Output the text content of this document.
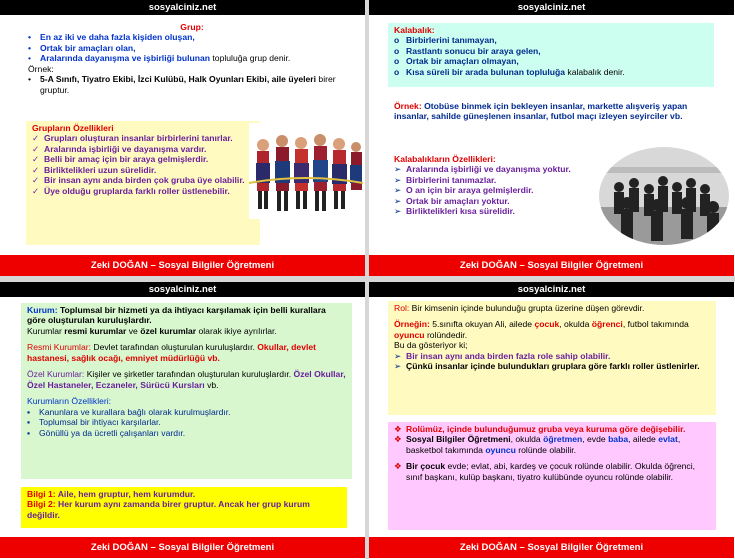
sosyalciniz.net

Grup:

•	En az iki ve daha fazla kişiden oluşan,
•	Ortak bir amaçları olan,
•	Aralarında dayanışma ve işbirliği bulunan topluluğa grup denir.

Örnek:

•	5-A Sınıfı, Tiyatro Ekibi, İzci Kulübü, Halk Oyunları Ekibi, aile üyeleri birer gruptur.

Grupların Özellikleri

✓ Grupları oluşturan insanlar birbirlerini tanırlar.
✓ Aralarında işbirliği ve dayanışma vardır.
✓ Belli bir amaç için bir araya gelmişlerdir.
✓ Birliktelikleri uzun sürelidir.
✓ Bir insan aynı anda birden çok gruba üye olabilir.
✓ Üye olduğu gruplarda farklı roller üstlenebilir.
Zeki DOĞAN – Sosyal Bilgiler Öğretmeni
sosyalciniz.net

Kalabalık:

o Birbirlerini tanımayan,
o Rastlantı sonucu bir araya gelen,
o Ortak bir amaçları olmayan,
o Kısa süreli bir arada bulunan topluluğa kalabalık denir.

Örnek: Otobüse binmek için bekleyen insanlar, markette alışveriş yapan insanlar, sahilde güneşlenen insanlar, futbol maçı izleyen seyirciler vb.

Kalabalıkların Özellikleri:

➢ Aralarında işbirliği ve dayanışma yoktur.
➢ Birbirlerini tanımazlar.
➢ O an için bir araya gelmişlerdir.
➢ Ortak bir amaçları yoktur.
➢ Birliktelikleri kısa sürelidir.
Zeki DOĞAN – Sosyal Bilgiler Öğretmeni
sosyalciniz.net

Kurum: Toplumsal bir hizmeti ya da ihtiyacı karşılamak için belli kurallara göre oluşturulan kuruluşlardır.

Kurumlar resmi kurumlar ve özel kurumlar olarak ikiye ayrılırlar.

Resmi Kurumlar: Devlet tarafından oluşturulan kuruluşlardır. Okullar, devlet hastanesi, sağlık ocağı, emniyet müdürlüğü vb.

Özel Kurumlar: Kişiler ve şirketler tarafından oluşturulan kuruluşlardır. Özel Okullar, Özel Hastaneler, Eczaneler, Sürücü Kursları vb.

Kurumların Özellikleri:

▪	Kanunlara ve kurallara bağlı olarak kurulmuşlardır.
▪	Toplumsal bir ihtiyacı karşılarlar.
▪	Gönüllü ya da ücretli çalışanları vardır.

Bilgi 1: Aile, hem gruptur, hem kurumdur.

Bilgi 2: Her kurum aynı zamanda birer gruptur. Ancak her grup kurum değildir.

Zeki DOĞAN – Sosyal Bilgiler Öğretmeni
sosyalciniz.net

Rol: Bir kimsenin içinde bulunduğu grupta üzerine düşen görevdir.

Örneğin: 5.sınıfta okuyan Ali, ailede çocuk, okulda öğrenci, futbol takımında oyuncu rolündedir.

Bu da gösteriyor ki;

➢ Bir insan aynı anda birden fazla role sahip olabilir.
➢ Çünkü insanlar içinde bulundukları gruplara göre farklı roller üstlenirler.
❖ Rolümüz, içinde bulunduğumuz gruba veya kuruma göre değişebilir.
❖ Sosyal Bilgiler Öğretmeni, okulda öğretmen, evde baba, ailede evlat, basketbol takımında oyuncu rolünde olabilir.
❖ Bir çocuk evde; evlat, abi, kardeş ve çocuk rolünde olabilir. Okulda öğrenci, sınıf başkanı, kulüp başkanı, tiyatro kulübünde oyuncu rolünde olabilir.
Zeki DOĞAN – Sosyal Bilgiler Öğretmeni
